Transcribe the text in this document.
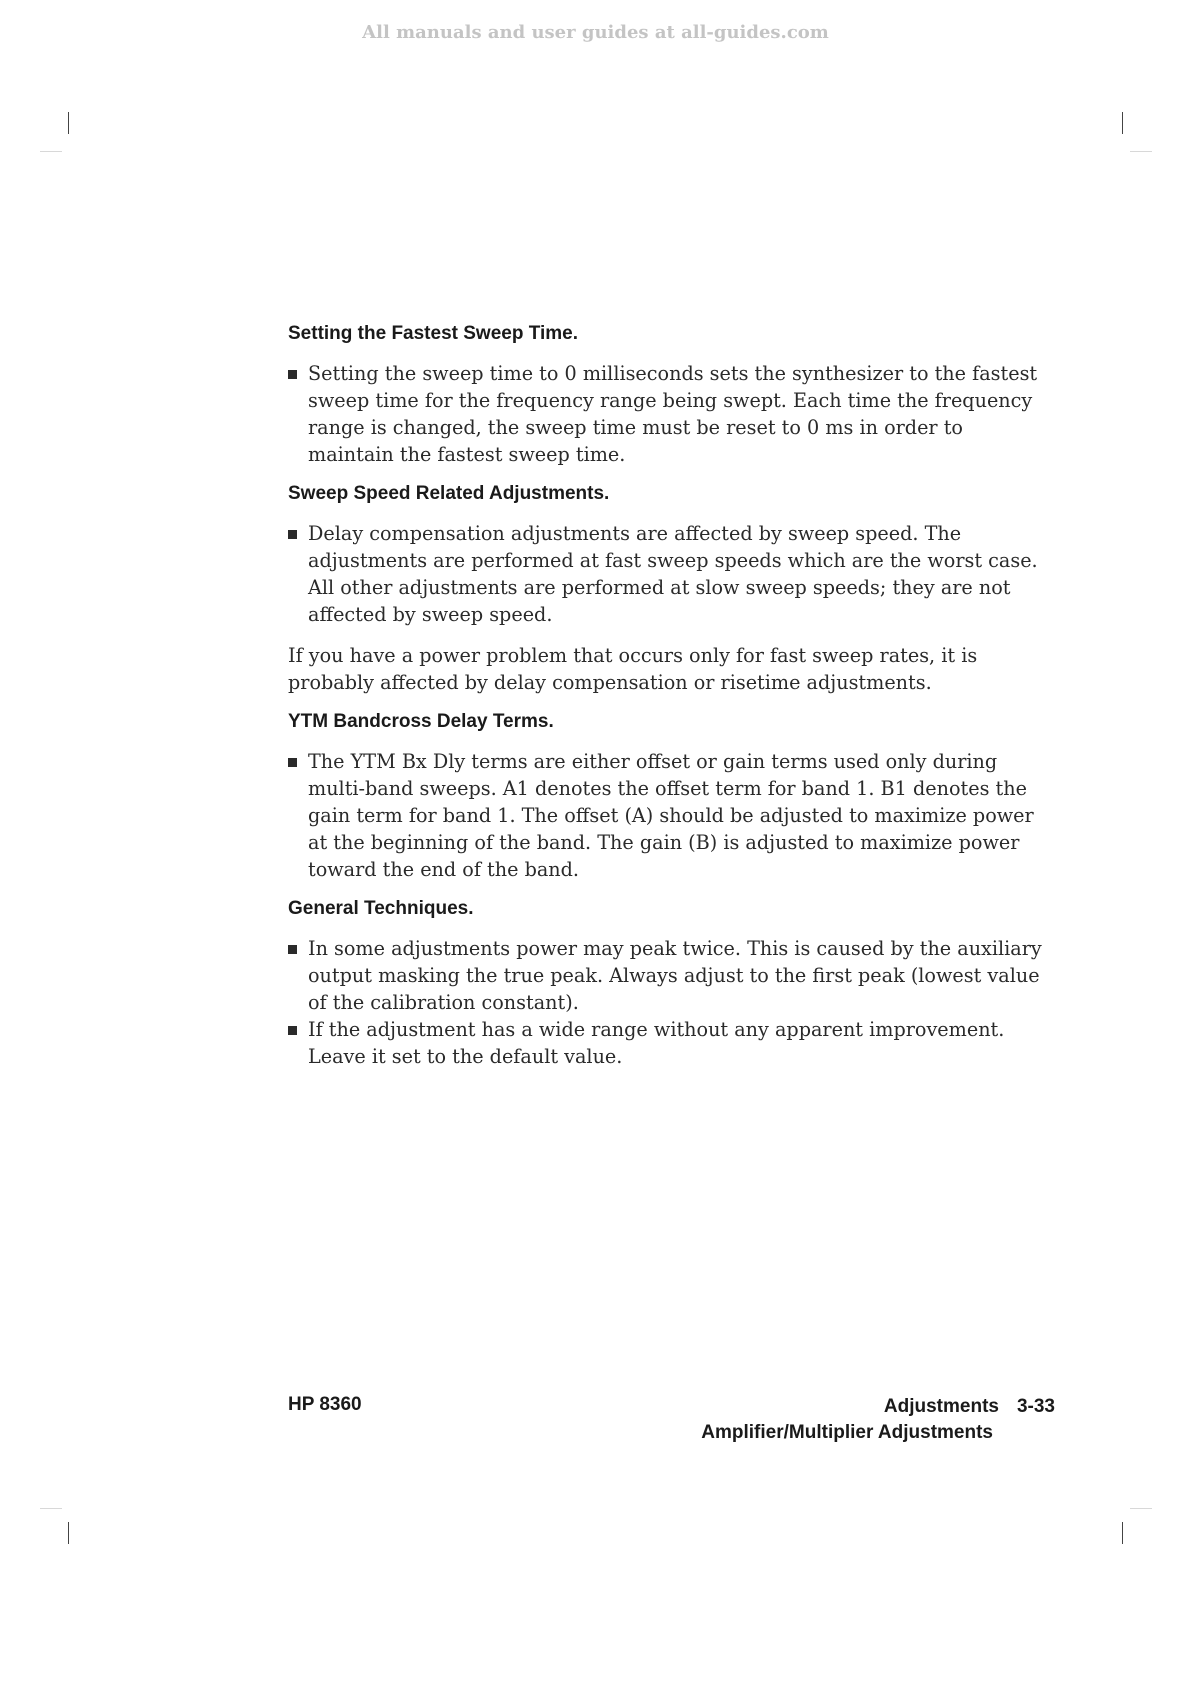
All manuals and user guides at all-guides.com
Setting the Fastest Sweep Time.
Setting the sweep time to 0 milliseconds sets the synthesizer to the fastest sweep time for the frequency range being swept. Each time the frequency range is changed, the sweep time must be reset to 0 ms in order to maintain the fastest sweep time.
Sweep Speed Related Adjustments.
Delay compensation adjustments are affected by sweep speed. The adjustments are performed at fast sweep speeds which are the worst case. All other adjustments are performed at slow sweep speeds; they are not affected by sweep speed.

If you have a power problem that occurs only for fast sweep rates, it is probably affected by delay compensation or risetime adjustments.

YTM Bandcross Delay Terms.
The YTM Bx Dly terms are either offset or gain terms used only during multi-band sweeps. A1 denotes the offset term for band 1. B1 denotes the gain term for band 1. The offset (A) should be adjusted to maximize power at the beginning of the band. The gain (B) is adjusted to maximize power toward the end of the band.
General Techniques.
In some adjustments power may peak twice. This is caused by the auxiliary output masking the true peak. Always adjust to the first peak (lowest value of the calibration constant).
If the adjustment has a wide range without any apparent improvement. Leave it set to the default value.
HP 8360	Adjustments 3-33
Amplifier/Multiplier Adjustments
